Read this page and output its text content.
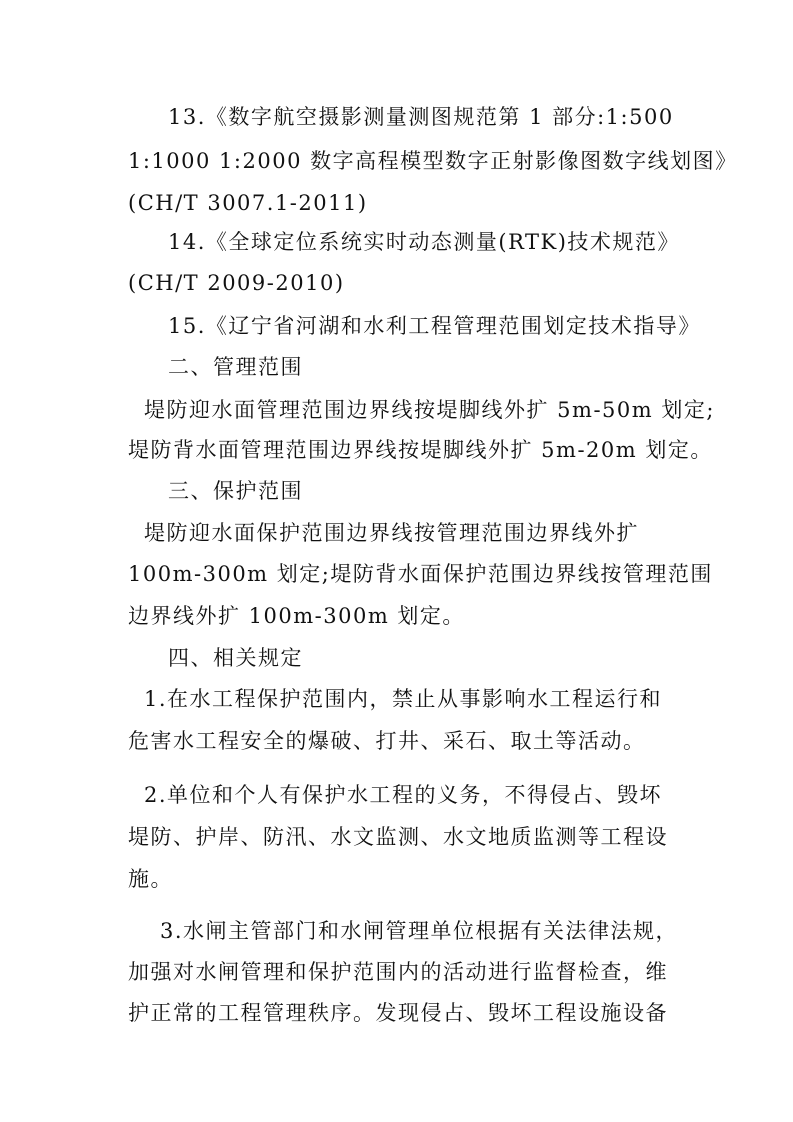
13.《数字航空摄影测量测图规范第 1 部分:1:500
1:1000 1:2000 数字高程模型数字正射影像图数字线划图》
(CH/T 3007.1-2011)
14.《全球定位系统实时动态测量(RTK)技术规范》
(CH/T 2009-2010)
15.《辽宁省河湖和水利工程管理范围划定技术指导》
二、管理范围
堤防迎水面管理范围边界线按堤脚线外扩 5m-50m 划定;
堤防背水面管理范围边界线按堤脚线外扩 5m-20m 划定。
三、保护范围
堤防迎水面保护范围边界线按管理范围边界线外扩
100m-300m 划定;堤防背水面保护范围边界线按管理范围
边界线外扩 100m-300m 划定。
四、相关规定
1.在水工程保护范围内，禁止从事影响水工程运行和
危害水工程安全的爆破、打井、采石、取土等活动。
2.单位和个人有保护水工程的义务，不得侵占、毁坏
堤防、护岸、防汛、水文监测、水文地质监测等工程设
施。
3.水闸主管部门和水闸管理单位根据有关法律法规，
加强对水闸管理和保护范围内的活动进行监督检查，维
护正常的工程管理秩序。发现侵占、毁坏工程设施设备
